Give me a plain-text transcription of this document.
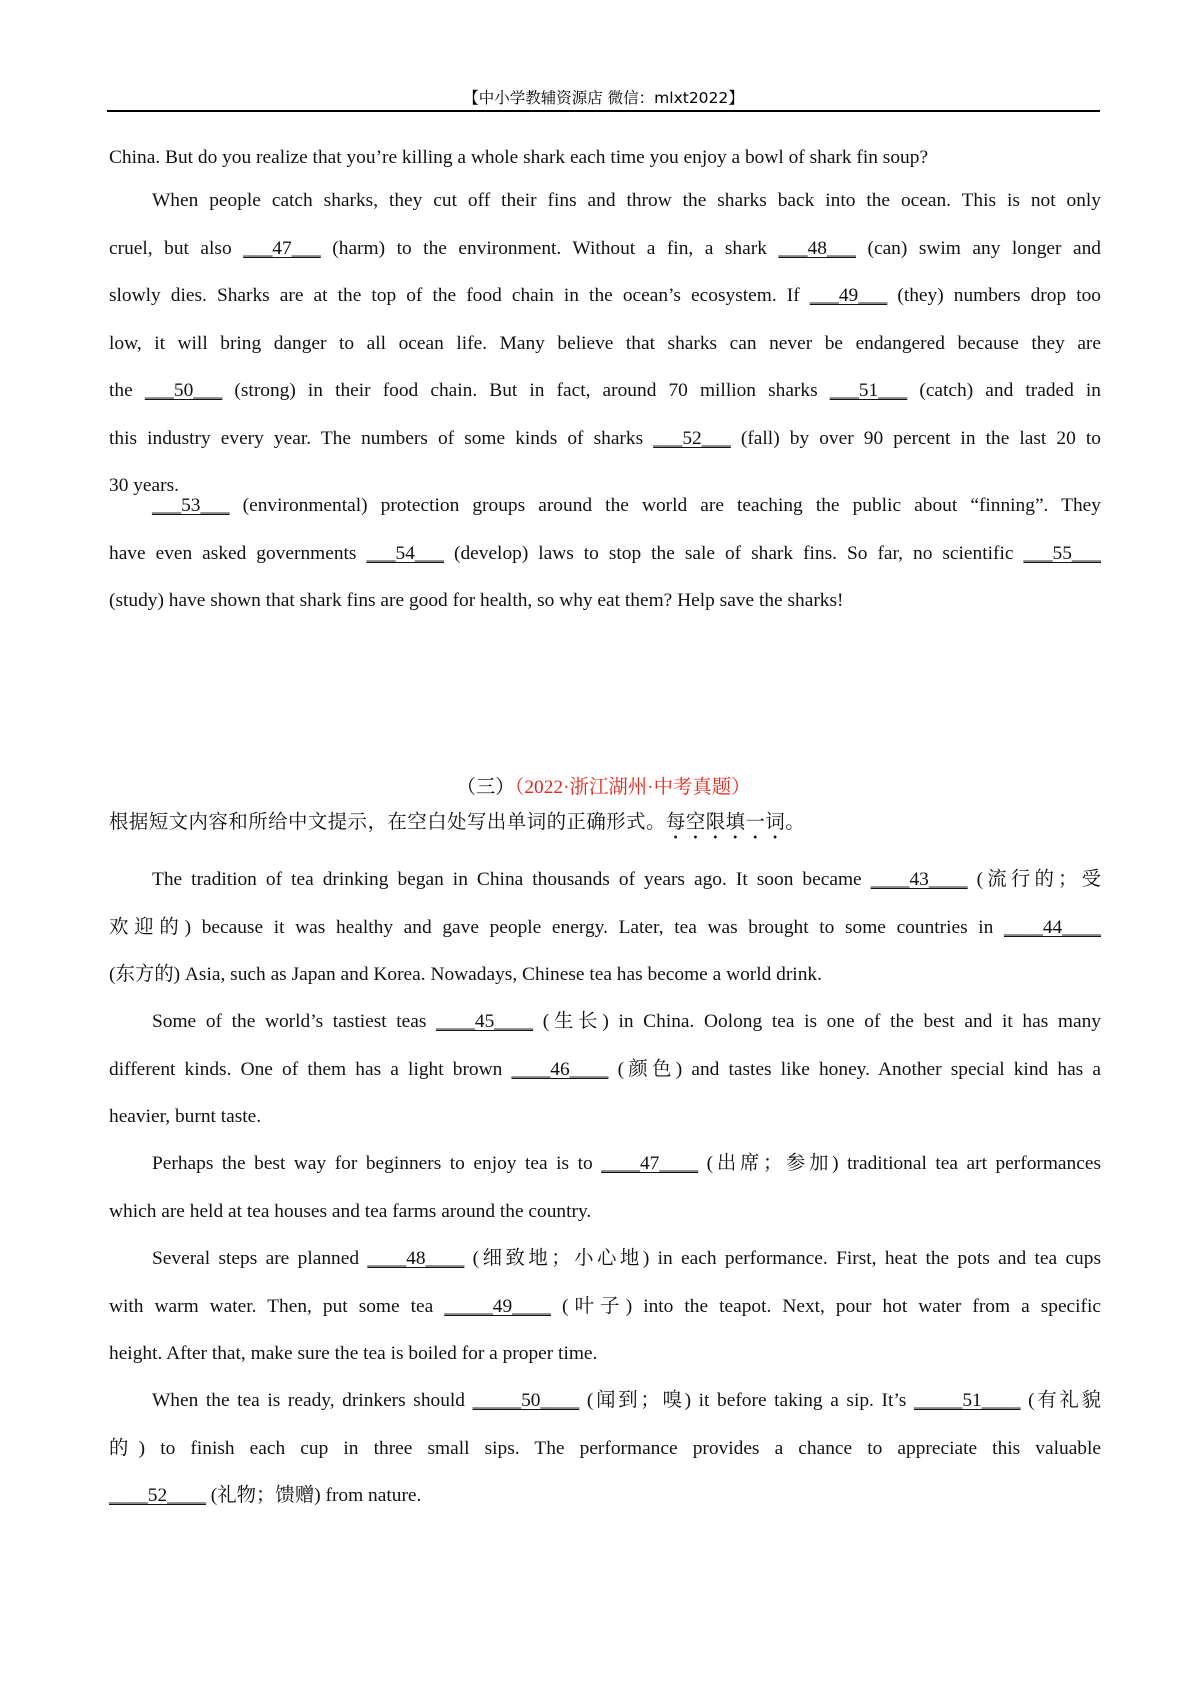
【中小学教辅资源店 微信：mlxt2022】

China. But do you realize that you’re killing a whole shark each time you enjoy a bowl of shark fin soup?

When people catch sharks, they cut off their fins and throw the sharks back into the ocean. This is not only
cruel, but also ___47___ (harm) to the environment. Without a fin, a shark ___48___ (can) swim any longer and
slowly dies. Sharks are at the top of the food chain in the ocean’s ecosystem. If ___49___ (they) numbers drop too
low, it will bring danger to all ocean life. Many believe that sharks can never be endangered because they are
the ___50___ (strong) in their food chain. But in fact, around 70 million sharks ___51___ (catch) and traded in
this industry every year. The numbers of some kinds of sharks ___52___ (fall) by over 90 percent in the last 20 to
30 years.

___53___ (environmental) protection groups around the world are teaching the public about “finning”. They
have even asked governments ___54___ (develop) laws to stop the sale of shark fins. So far, no scientific ___55___
(study) have shown that shark fins are good for health, so why eat them? Help save the sharks!

（三）（2022·浙江湖州·中考真题）
根据短文内容和所给中文提示，在空白处写出单词的正确形式。每空限填一词。

The tradition of tea drinking began in China thousands of years ago. It soon became ____43____ (流行的；受
欢迎的) because it was healthy and gave people energy. Later, tea was brought to some countries in ____44____
(东方的) Asia, such as Japan and Korea. Nowadays, Chinese tea has become a world drink.

Some of the world’s tastiest teas ____45____ (生长) in China. Oolong tea is one of the best and it has many
different kinds. One of them has a light brown ____46____ (颜色) and tastes like honey. Another special kind has a
heavier, burnt taste.

Perhaps the best way for beginners to enjoy tea is to ____47____ (出席；参加) traditional tea art performances
which are held at tea houses and tea farms around the country.

Several steps are planned ____48____ (细致地；小心地) in each performance. First, heat the pots and tea cups
with warm water. Then, put some tea _____49____ (叶子) into the teapot. Next, pour hot water from a specific
height. After that, make sure the tea is boiled for a proper time.

When the tea is ready, drinkers should _____50____ (闻到；嗅) it before taking a sip. It’s _____51____ (有礼貌
的) to finish each cup in three small sips. The performance provides a chance to appreciate this valuable
____52____ (礼物；馈赠) from nature.
